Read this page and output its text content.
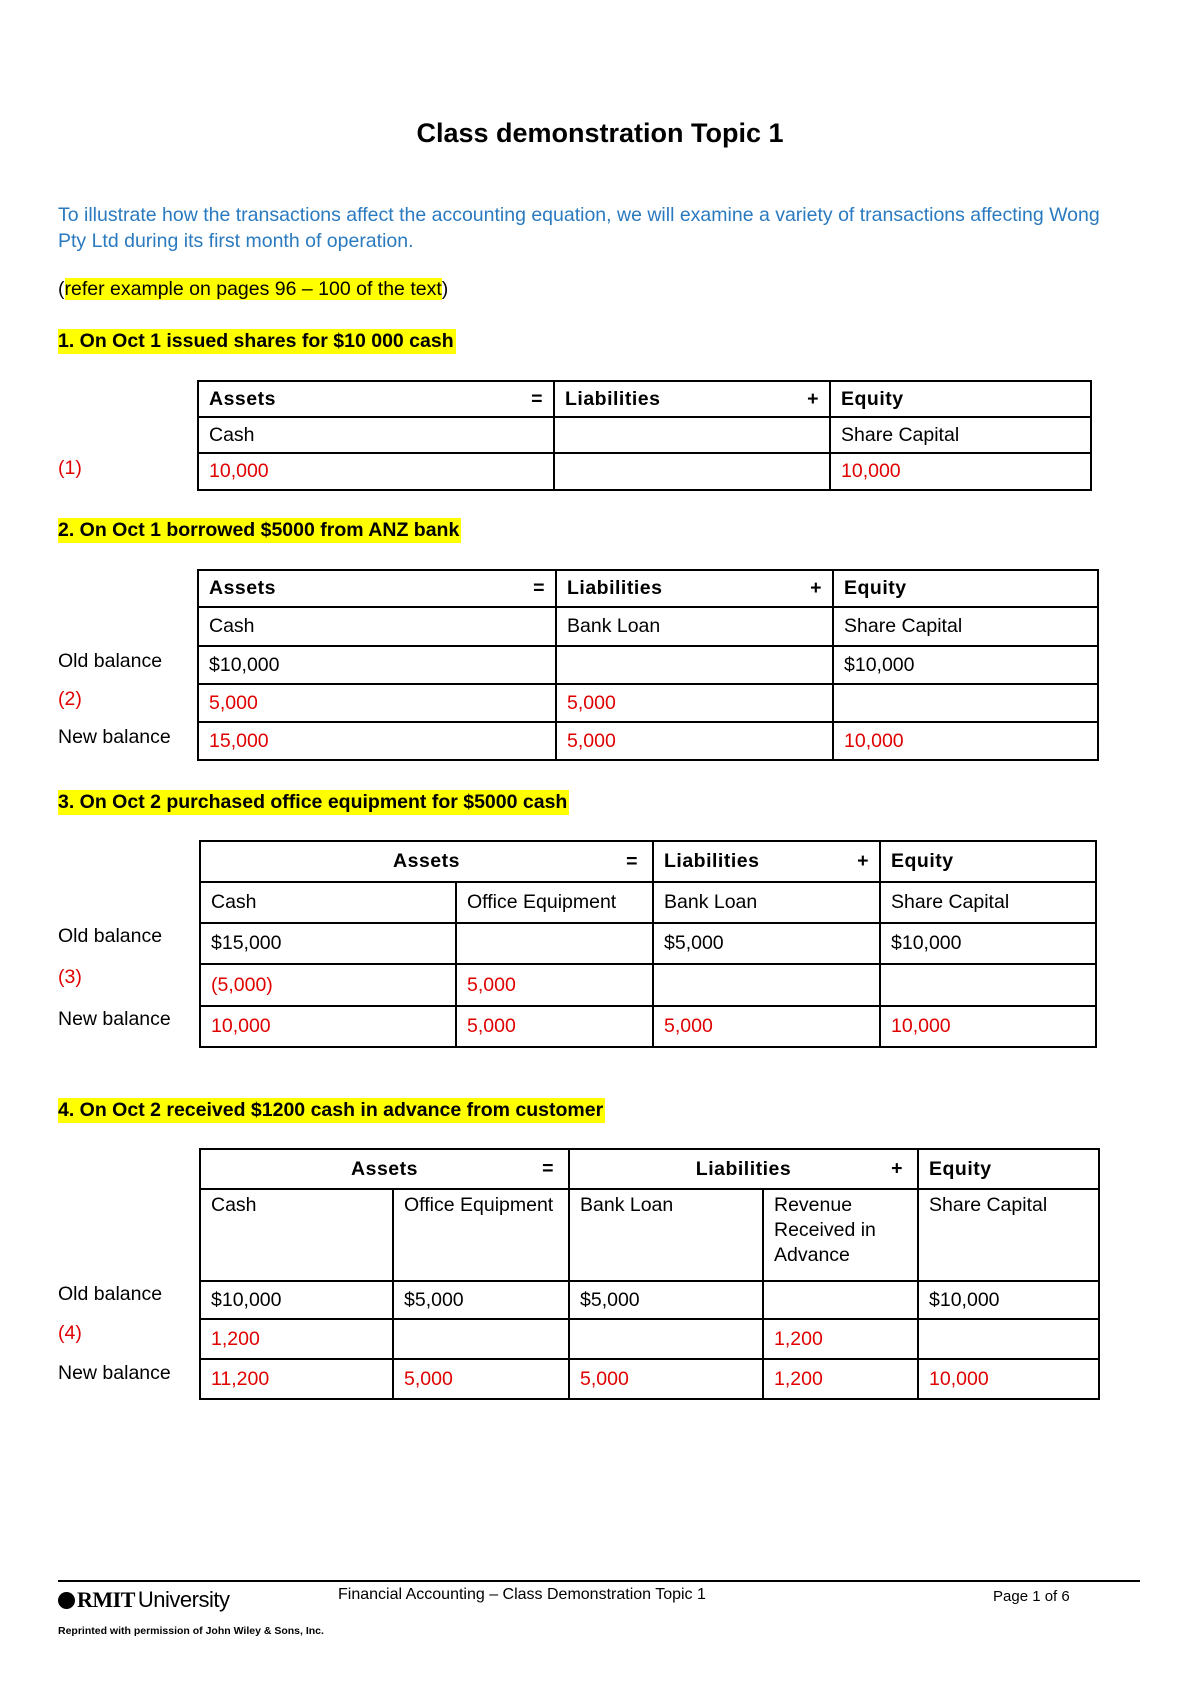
Class demonstration Topic 1
To illustrate how the transactions affect the accounting equation, we will examine a variety of transactions affecting Wong Pty Ltd during its first month of operation.
(refer example on pages 96 – 100 of the text)
1. On Oct 1 issued shares for $10 000 cash
Assets =	Liabilities +	Equity
Cash		Share Capital
10,000		10,000
(1)
2. On Oct 1 borrowed $5000 from ANZ bank
Assets =	Liabilities +	Equity
Cash	Bank Loan	Share Capital
$10,000		$10,000
5,000	5,000	
15,000	5,000	10,000
Old balance
(2)
New balance
3. On Oct 2 purchased office equipment for $5000 cash
Assets =		Liabilities +	Equity
Cash	Office Equipment	Bank Loan	Share Capital
$15,000		$5,000	$10,000
(5,000)	5,000		
10,000	5,000	5,000	10,000
Old balance
(3)
New balance
4. On Oct 2 received $1200 cash in advance from customer
Assets =		Liabilities +		Equity
Cash	Office Equipment	Bank Loan	Revenue Received in Advance	Share Capital
$10,000	$5,000	$5,000		$10,000
1,200			1,200	
11,200	5,000	5,000	1,200	10,000
Old balance
(4)
New balance
RMIT University
Reprinted with permission of John Wiley & Sons, Inc.
Financial Accounting – Class Demonstration Topic 1	Page 1 of 6
